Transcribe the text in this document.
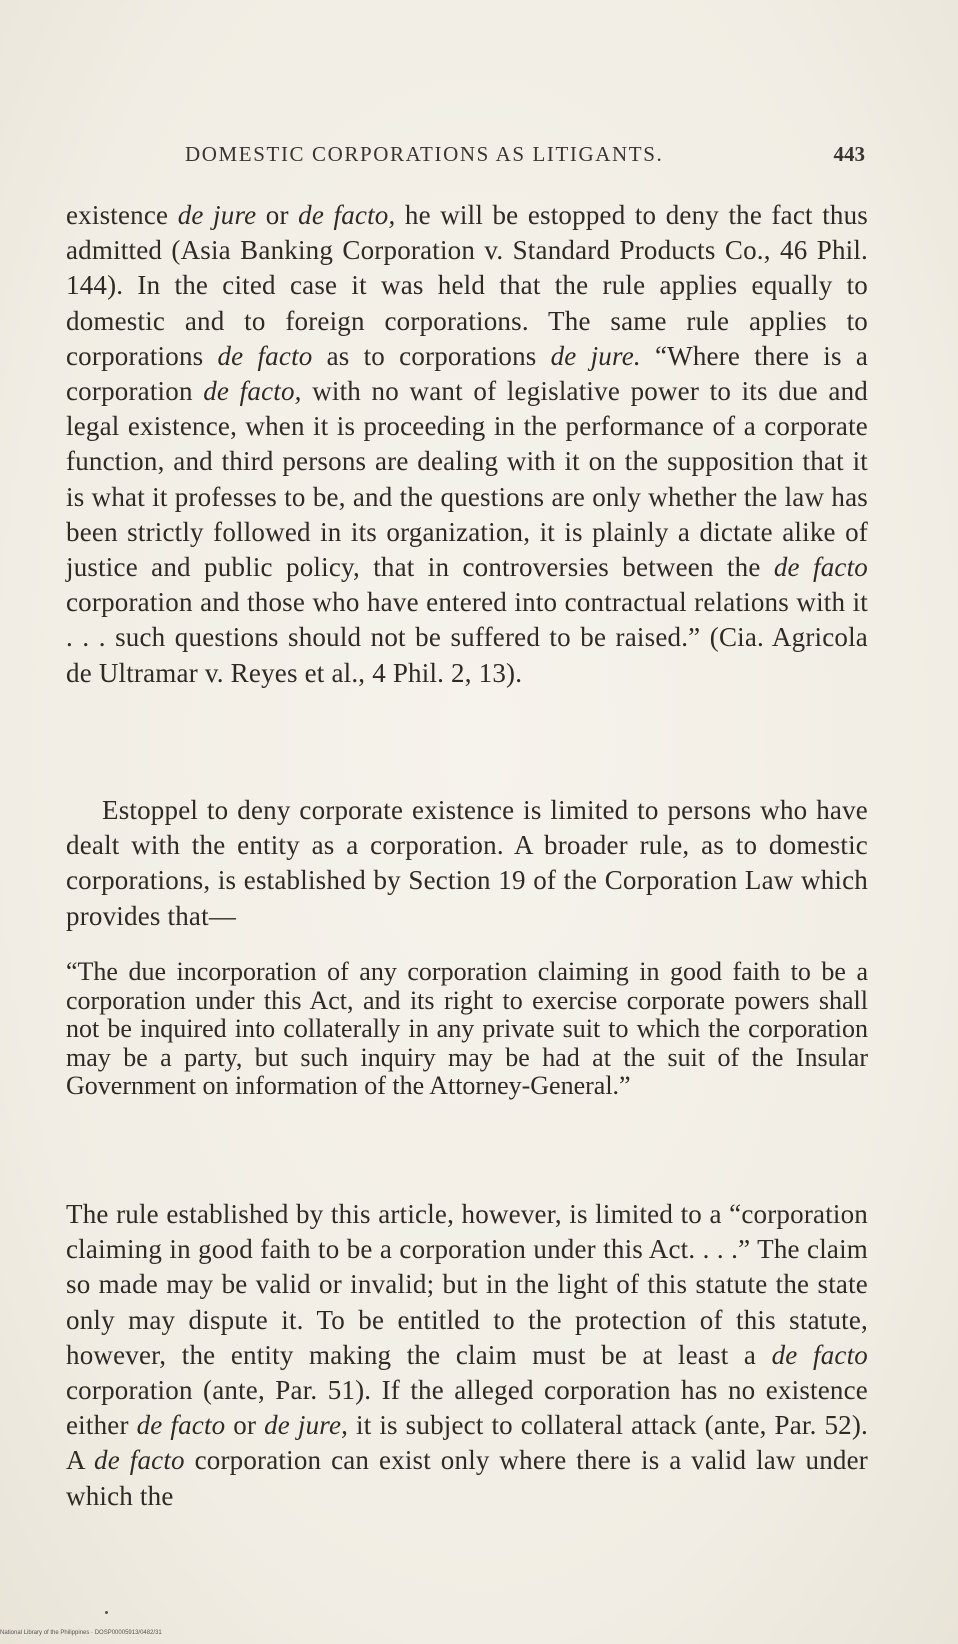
DOMESTIC CORPORATIONS AS LITIGANTS.	443

existence de jure or de facto, he will be estopped to deny the fact thus admitted (Asia Banking Corporation v. Standard Products Co., 46 Phil. 144). In the cited case it was held that the rule applies equally to domestic and to foreign corporations. The same rule applies to corporations de facto as to corporations de jure. “Where there is a corporation de facto, with no want of legislative power to its due and legal existence, when it is proceeding in the performance of a corporate function, and third persons are dealing with it on the supposition that it is what it professes to be, and the questions are only whether the law has been strictly followed in its organization, it is plainly a dictate alike of justice and public policy, that in controversies between the de facto corporation and those who have entered into contractual relations with it . . . such questions should not be suffered to be raised.” (Cia. Agricola de Ultramar v. Reyes et al., 4 Phil. 2, 13).

Estoppel to deny corporate existence is limited to persons who have dealt with the entity as a corporation. A broader rule, as to domestic corporations, is established by Section 19 of the Corporation Law which provides that—

“The due incorporation of any corporation claiming in good faith to be a corporation under this Act, and its right to exercise corporate powers shall not be inquired into collaterally in any private suit to which the corporation may be a party, but such inquiry may be had at the suit of the Insular Government on information of the Attorney-General.”

The rule established by this article, however, is limited to a “corporation claiming in good faith to be a corporation under this Act. . . .” The claim so made may be valid or invalid; but in the light of this statute the state only may dispute it. To be entitled to the protection of this statute, however, the entity making the claim must be at least a de facto corporation (ante, Par. 51). If the alleged corporation has no existence either de facto or de jure, it is subject to collateral attack (ante, Par. 52). A de facto corporation can exist only where there is a valid law under which the

National Library of the Philippines · DOSP00005913/0482/31
